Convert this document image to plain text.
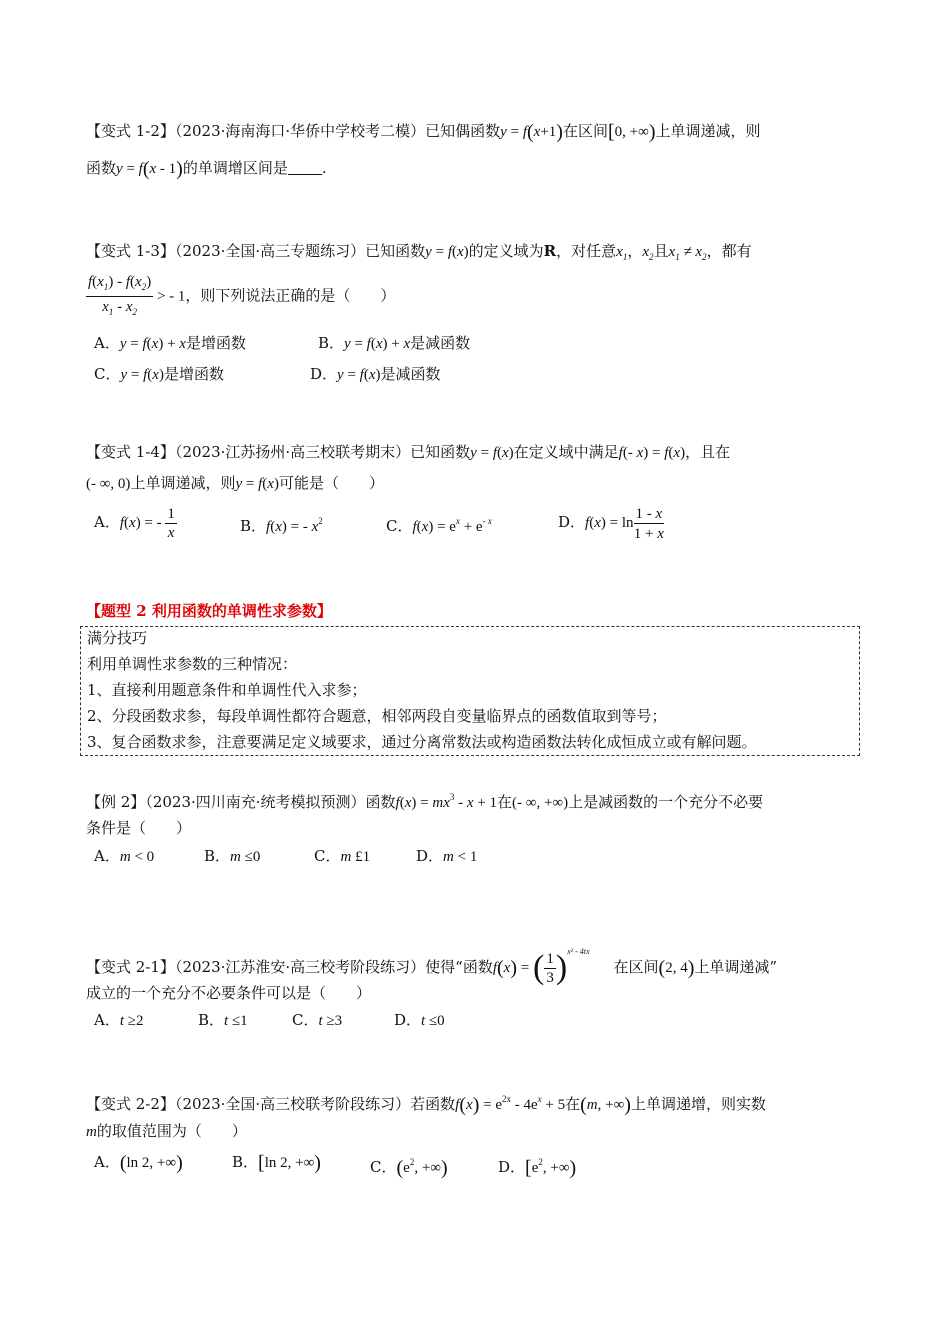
【变式 1-2】（2023·海南海口·华侨中学校考二模）已知偶函数y = f(x+1)在区间[0, +∞)上单调递减，则
函数y = f(x - 1)的单调增区间是 .
【变式 1-3】（2023·全国·高三专题练习）已知函数y = f(x)的定义域为R，对任意$x_1$，$x_2$且$x_1 \ne x_2$，都有
$\frac{f(x_1) - f(x_2)}{x_1 - x_2}$ > - 1，则下列说法正确的是（　　）
A．y = f(x) + x是增函数	B．y = f(x) + x是减函数
C．y = f(x)是增函数	D．y = f(x)是减函数
【变式 1-4】（2023·江苏扬州·高三校联考期末）已知函数y = f(x)在定义域中满足f(- x) = f(x)，且在
(- ∞, 0)上单调递减，则y = f(x)可能是（　　）
A．f(x) = - $\frac{1}{x}$	B．f(x) = - $x^2$	C．$f(x) = e^x + e^{- x}$	D．$f(x) = \ln \frac{1 - x}{1 + x}$
【题型 2 利用函数的单调性求参数】
满分技巧
利用单调性求参数的三种情况：
1、直接利用题意条件和单调性代入求参；
2、分段函数求参，每段单调性都符合题意，相邻两段自变量临界点的函数值取到等号；
3、复合函数求参，注意要满足定义域要求，通过分离常数法或构造函数法转化成恒成立或有解问题。
【例 2】（2023·四川南充·统考模拟预测）函数$f(x) = mx^3 - x + 1$在(- ∞, +∞)上是减函数的一个充分不必要
条件是（　　）
A．m < 0	B．m ≤0	C．m £1	D．m < 1
【变式 2-1】（2023·江苏淮安·高三校考阶段练习）使得“函数f(x) = ( $\frac{1}{3} )^{x^2 - 4tx}$在区间(2, 4)上单调递减”
成立的一个充分不必要条件可以是（　　）
A．t ≥2	B．t ≤1	C．t ≥3	D．t ≤0
【变式 2-2】（2023·全国·高三校联考阶段练习）若函数$f(x) = e^{2x} - 4e^x + 5$在(m, +∞)上单调递增，则实数
m的取值范围为（　　）
A．(ln 2, +∞)	B．[ln 2, +∞)	C．($e^2$, +∞)	D．[$e^2$, +∞)
